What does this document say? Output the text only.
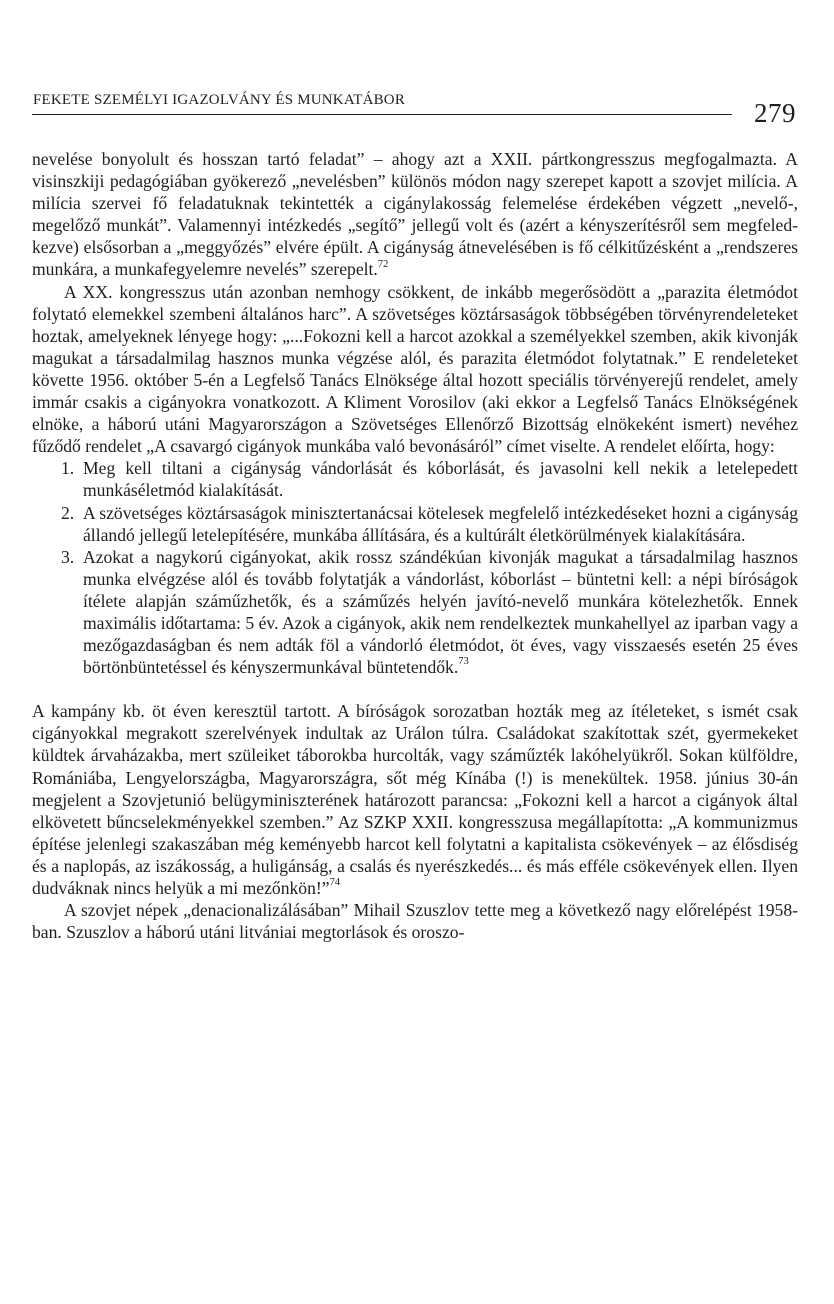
FEKETE SZEMÉLYI IGAZOLVÁNY ÉS MUNKATÁBOR	279

nevelése bonyolult és hosszan tartó feladat” – ahogy azt a XXII. pártkongresszus megfogalmazta. A visinszkiji pedagógiában gyökerező „nevelésben” különös módon nagy szerepet kapott a szovjet milícia. A milícia szervei fő feladatuknak tekintették a cigánylakosság felemelése érdekében végzett „nevelő-, megelőző munkát”. Valamennyi intézkedés „segítő” jellegű volt és (azért a kényszerítésről sem megfeledkezve) elsősorban a „meggyőzés” elvére épült. A cigányság átnevelésében is fő célkitűzésként a „rendszeres munkára, a munkafegyelemre nevelés” szerepelt.$^{72}$

A XX. kongresszus után azonban nemhogy csökkent, de inkább megerősödött a „parazita életmódot folytató elemekkel szembeni általános harc”. A szövetséges köztársaságok többségében törvényrendeleteket hoztak, amelyeknek lényege hogy: „...Fokozni kell a harcot azokkal a személyekkel szemben, akik kivonják magukat a társadalmilag hasznos munka végzése alól, és parazita életmódot folytatnak.” E rendeleteket követte 1956. október 5-én a Legfelső Tanács Elnöksége által hozott speciális törvényerejű rendelet, amely immár csakis a cigányokra vonatkozott. A Kliment Vorosilov (aki ekkor a Legfelső Tanács Elnökségének elnöke, a háború utáni Magyarországon a Szövetséges Ellenőrző Bizottság elnökeként ismert) nevéhez fűződő rendelet „A csavargó cigányok munkába való bevonásáról” címet viselte. A rendelet előírta, hogy:

1. Meg kell tiltani a cigányság vándorlását és kóborlását, és javasolni kell nekik a letelepedett munkáséletmód kialakítását.
2. A szövetséges köztársaságok minisztertanácsai kötelesek megfelelő intézkedéseket hozni a cigányság állandó jellegű letelepítésére, munkába állítására, és a kultúrált életkörülmények kialakítására.
3. Azokat a nagykorú cigányokat, akik rossz szándékúan kivonják magukat a társadalmilag hasznos munka elvégzése alól és tovább folytatják a vándorlást, kóborlást – büntetni kell: a népi bíróságok ítélete alapján száműzhetők, és a száműzés helyén javító-nevelő munkára kötelezhetők. Ennek maximális időtartama: 5 év. Azok a cigányok, akik nem rendelkeztek munkahellyel az iparban vagy a mezőgazdaságban és nem adták föl a vándorló életmódot, öt éves, vagy visszaesés esetén 25 éves börtönbüntetéssel és kényszermunkával büntetendők.$^{73}$

A kampány kb. öt éven keresztül tartott. A bíróságok sorozatban hozták meg az ítéleteket, s ismét csak cigányokkal megrakott szerelvények indultak az Urálon túlra. Családokat szakítottak szét, gyermekeket küldtek árvaházakba, mert szüleiket táborokba hurcolták, vagy száműzték lakóhelyükről. Sokan külföldre, Romániába, Lengyelországba, Magyarországra, sőt még Kínába (!) is menekültek. 1958. június 30-án megjelent a Szovjetunió belügyminiszterének határozott parancsa: „Fokozni kell a harcot a cigányok által elkövetett bűncselekményekkel szemben.” Az SZKP XXII. kongresszusa megállapította: „A kommunizmus építése jelenlegi szakaszában még keményebb harcot kell folytatni a kapitalista csökevények – az élősdiség és a naplopás, az iszákosság, a huligánság, a csalás és nyerészkedés... és más efféle csökevények ellen. Ilyen dudváknak nincs helyük a mi mezőnkön!”$^{74}$

A szovjet népek „denacionalizálásában” Mihail Szuszlov tette meg a következő nagy előrelépést 1958-ban. Szuszlov a háború utáni litvániai megtorlások és oroszo-
